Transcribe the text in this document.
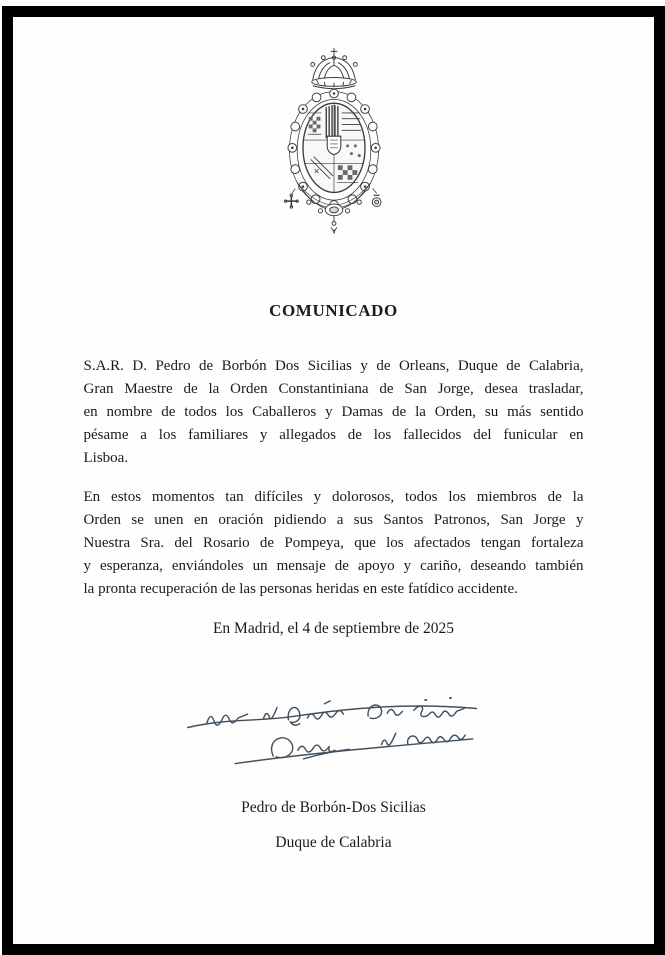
COMUNICADO
S.A.R. D. Pedro de Borbón Dos Sicilias y de Orleans, Duque de Calabria,
Gran Maestre de la Orden Constantiniana de San Jorge, desea trasladar,
en nombre de todos los Caballeros y Damas de la Orden, su más sentido
pésame a los familiares y allegados de los fallecidos del funicular en
Lisboa.
En estos momentos tan difíciles y dolorosos, todos los miembros de la
Orden se unen en oración pidiendo a sus Santos Patronos, San Jorge y
Nuestra Sra. del Rosario de Pompeya, que los afectados tengan fortaleza
y esperanza, enviándoles un mensaje de apoyo y cariño, deseando también
la pronta recuperación de las personas heridas en este fatídico accidente.
En Madrid, el 4 de septiembre de 2025
Pedro de Borbón-Dos Sicilias
Duque de Calabria
